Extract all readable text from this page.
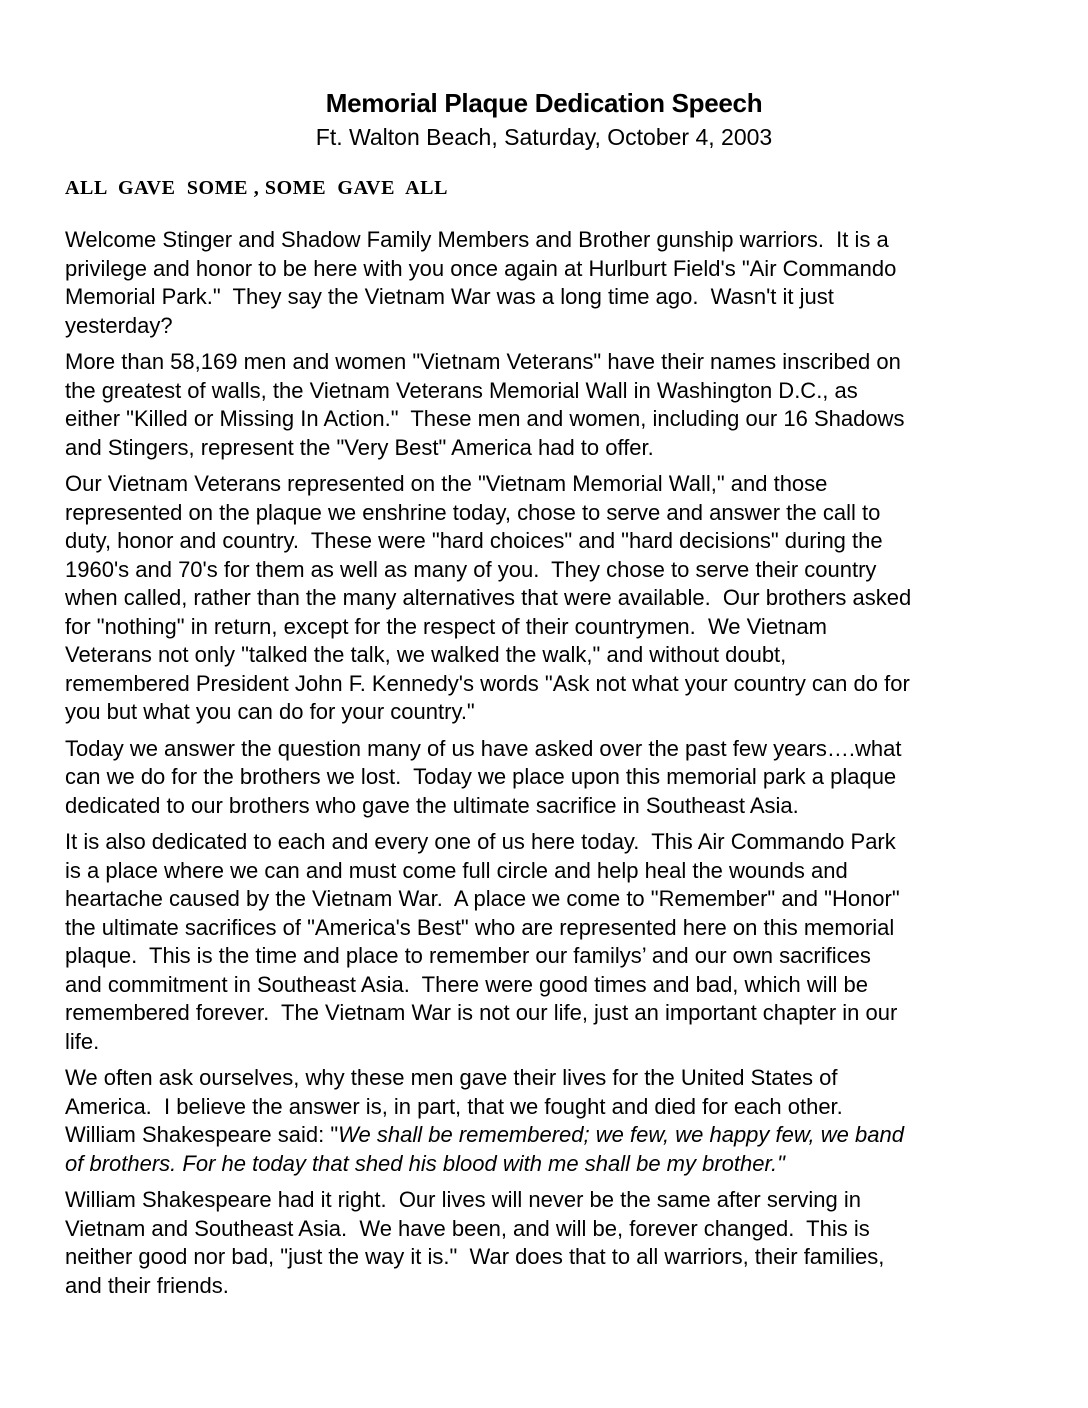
Memorial Plaque Dedication Speech
Ft. Walton Beach, Saturday, October 4, 2003
ALL  GAVE  SOME , SOME  GAVE  ALL
Welcome Stinger and Shadow Family Members and Brother gunship warriors.  It is a
privilege and honor to be here with you once again at Hurlburt Field's "Air Commando
Memorial Park."  They say the Vietnam War was a long time ago.  Wasn't it just
yesterday?
More than 58,169 men and women "Vietnam Veterans" have their names inscribed on
the greatest of walls, the Vietnam Veterans Memorial Wall in Washington D.C., as
either "Killed or Missing In Action."  These men and women, including our 16 Shadows
and Stingers, represent the "Very Best" America had to offer.
Our Vietnam Veterans represented on the "Vietnam Memorial Wall," and those
represented on the plaque we enshrine today, chose to serve and answer the call to
duty, honor and country.  These were "hard choices" and "hard decisions" during the
1960's and 70's for them as well as many of you.  They chose to serve their country
when called, rather than the many alternatives that were available.  Our brothers asked
for "nothing" in return, except for the respect of their countrymen.  We Vietnam
Veterans not only "talked the talk, we walked the walk," and without doubt,
remembered President John F. Kennedy's words "Ask not what your country can do for
you but what you can do for your country."
Today we answer the question many of us have asked over the past few years….what
can we do for the brothers we lost.  Today we place upon this memorial park a plaque
dedicated to our brothers who gave the ultimate sacrifice in Southeast Asia.
It is also dedicated to each and every one of us here today.  This Air Commando Park
is a place where we can and must come full circle and help heal the wounds and
heartache caused by the Vietnam War.  A place we come to "Remember" and "Honor"
the ultimate sacrifices of "America's Best" who are represented here on this memorial
plaque.  This is the time and place to remember our familys’ and our own sacrifices
and commitment in Southeast Asia.  There were good times and bad, which will be
remembered forever.  The Vietnam War is not our life, just an important chapter in our
life.
We often ask ourselves, why these men gave their lives for the United States of
America.  I believe the answer is, in part, that we fought and died for each other.
William Shakespeare said: "We shall be remembered; we few, we happy few, we band
of brothers. For he today that shed his blood with me shall be my brother."
William Shakespeare had it right.  Our lives will never be the same after serving in
Vietnam and Southeast Asia.  We have been, and will be, forever changed.  This is
neither good nor bad, "just the way it is."  War does that to all warriors, their families,
and their friends.
